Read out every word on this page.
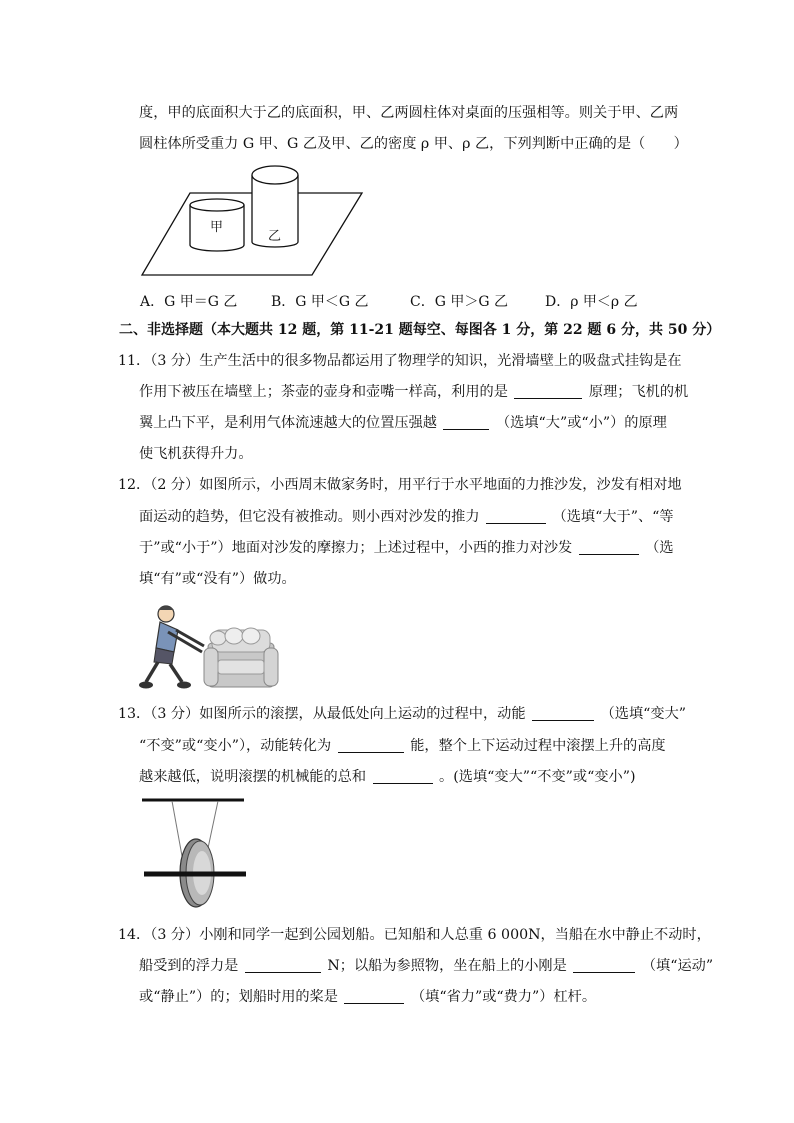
度，甲的底面积大于乙的底面积，甲、乙两圆柱体对桌面的压强相等。则关于甲、乙两
圆柱体所受重力 G 甲、G 乙及甲、乙的密度 ρ 甲、ρ 乙，下列判断中正确的是（　　）
甲
乙
A．G 甲＝G 乙 B．G 甲＜G 乙	C．G 甲＞G 乙	D．ρ 甲＜ρ 乙
二、非选择题（本大题共 12 题，第 11-21 题每空、每图各 1 分，第 22 题 6 分，共 50 分）
11．（3 分）生产生活中的很多物品都运用了物理学的知识，光滑墙壁上的吸盘式挂钩是在
作用下被压在墙壁上；茶壶的壶身和壶嘴一样高，利用的是	原理；飞机的机
翼上凸下平，是利用气体流速越大的位置压强越	（选填“大”或“小”）的原理
使飞机获得升力。
12．（2 分）如图所示，小西周末做家务时，用平行于水平地面的力推沙发，沙发有相对地
面运动的趋势，但它没有被推动。则小西对沙发的推力	（选填“大于”、“等
于”或“小于”）地面对沙发的摩擦力；上述过程中，小西的推力对沙发	（选
填“有”或“没有”）做功。
13．（3 分）如图所示的滚摆，从最低处向上运动的过程中，动能	（选填“变大”
“不变”或“变小”），动能转化为	能，整个上下运动过程中滚摆上升的高度
越来越低，说明滚摆的机械能的总和	。(选填“变大”“不变”或“变小”)
14．（3 分）小刚和同学一起到公园划船。已知船和人总重 6 000N，当船在水中静止不动时，
船受到的浮力是	N；以船为参照物，坐在船上的小刚是	（填“运动”
或“静止”）的；划船时用的桨是	（填“省力”或“费力”）杠杆。
